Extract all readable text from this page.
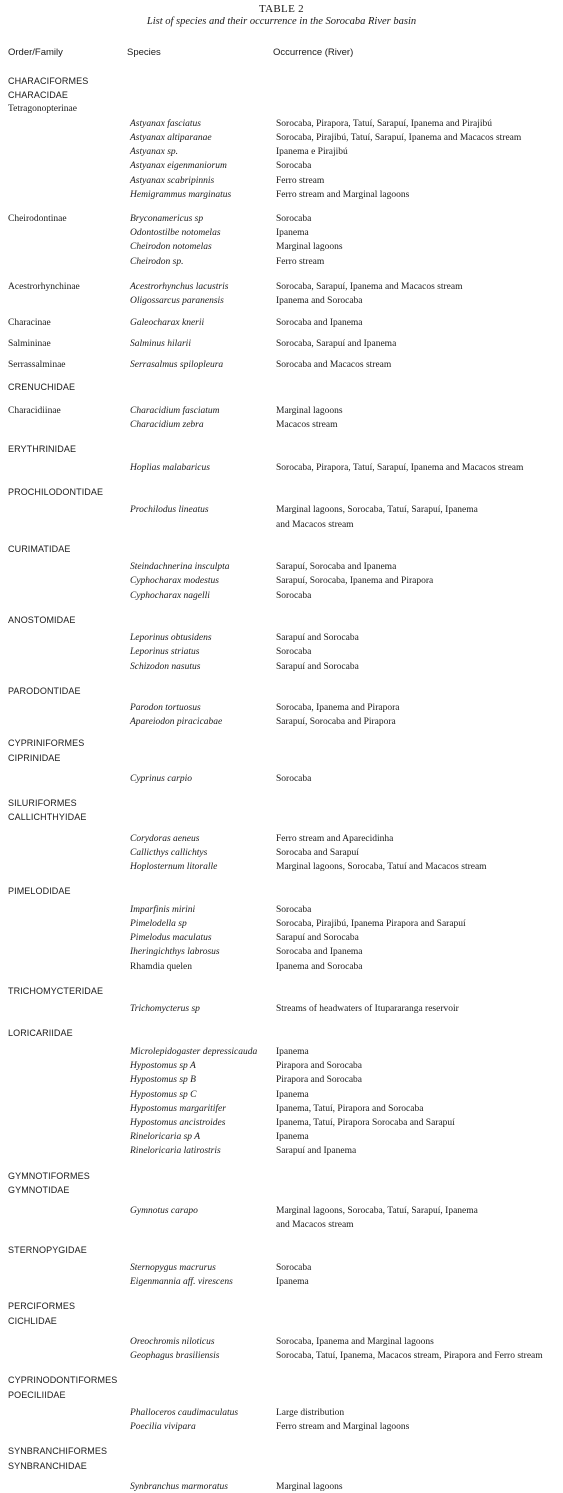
TABLE 2
List of species and their occurrence in the Sorocaba River basin
Order/Family	Species	Occurrence (River)
CHARACIFORMES
CHARACIDAE
Tetragonopterinae
Astyanax fasciatus	Sorocaba, Pirapora, Tatuí, Sarapuí, Ipanema and Pirajibú
Astyanax altiparanae	Sorocaba, Pirajibú, Tatuí, Sarapuí, Ipanema and Macacos stream
Astyanax sp.	Ipanema e Pirajibú
Astyanax eigenmaniorum	Sorocaba
Astyanax scabripinnis	Ferro stream
Hemigrammus marginatus	Ferro stream and Marginal lagoons
Cheirodontinae	Bryconamericus sp	Sorocaba
Odontostilbe notomelas	Ipanema
Cheirodon notomelas	Marginal lagoons
Cheirodon sp.	Ferro stream
Acestrorhynchinae	Acestrorhynchus lacustris	Sorocaba, Sarapuí, Ipanema and Macacos stream
Oligossarcus paranensis	Ipanema and Sorocaba
Characinae	Galeocharax knerii	Sorocaba and Ipanema
Salmininae	Salminus hilarii	Sorocaba, Sarapuí and Ipanema
Serrassalminae	Serrasalmus spilopleura	Sorocaba and Macacos stream
CRENUCHIDAE
Characidiinae	Characidium fasciatum	Marginal lagoons
Characidium zebra	Macacos stream
ERYTHRINIDAE
Hoplias malabaricus	Sorocaba, Pirapora, Tatuí, Sarapuí, Ipanema and Macacos stream
PROCHILODONTIDAE
Prochilodus lineatus	Marginal lagoons, Sorocaba, Tatuí, Sarapuí, Ipanema
and Macacos stream
CURIMATIDAE
Steindachnerina insculpta	Sarapuí, Sorocaba and Ipanema
Cyphocharax modestus	Sarapuí, Sorocaba, Ipanema and Pirapora
Cyphocharax nagelli	Sorocaba
ANOSTOMIDAE
Leporinus obtusidens	Sarapuí and Sorocaba
Leporinus striatus	Sorocaba
Schizodon nasutus	Sarapuí and Sorocaba
PARODONTIDAE
Parodon tortuosus	Sorocaba, Ipanema and Pirapora
Apareiodon piracicabae	Sarapuí, Sorocaba and Pirapora
CYPRINIFORMES
CIPRINIDAE
Cyprinus carpio	Sorocaba
SILURIFORMES
CALLICHTHYIDAE
Corydoras aeneus	Ferro stream and Aparecidinha
Callicthys callichtys	Sorocaba and Sarapuí
Hoplosternum litoralle	Marginal lagoons, Sorocaba, Tatuí and Macacos stream
PIMELODIDAE
Imparfinis mirini	Sorocaba
Pimelodella sp	Sorocaba, Pirajibú, Ipanema Pirapora and Sarapuí
Pimelodus maculatus	Sarapuí and Sorocaba
Iheringichthys labrosus	Sorocaba and Ipanema
Rhamdia quelen	Ipanema and Sorocaba
TRICHOMYCTERIDAE
Trichomycterus sp	Streams of headwaters of Itupararanga reservoir
LORICARIIDAE
Microlepidogaster depressicauda Ipanema
Hypostomus sp A	Pirapora and Sorocaba
Hypostomus sp B	Pirapora and Sorocaba
Hypostomus sp C	Ipanema
Hypostomus margaritifer	Ipanema, Tatuí, Pirapora and Sorocaba
Hypostomus ancistroides	Ipanema, Tatuí, Pirapora Sorocaba and Sarapuí
Rineloricaria sp A	Ipanema
Rineloricaria latirostris	Sarapuí and Ipanema
GYMNOTIFORMES
GYMNOTIDAE
Gymnotus carapo	Marginal lagoons, Sorocaba, Tatuí, Sarapuí, Ipanema
and Macacos stream
STERNOPYGIDAE
Sternopygus macrurus	Sorocaba
Eigenmannia aff. virescens	Ipanema
PERCIFORMES
CICHLIDAE
Oreochromis niloticus	Sorocaba, Ipanema and Marginal lagoons
Geophagus brasiliensis	Sorocaba, Tatuí, Ipanema, Macacos stream, Pirapora and Ferro stream
CYPRINODONTIFORMES
POECILIIDAE
Phalloceros caudimaculatus	Large distribution
Poecilia vivipara	Ferro stream and Marginal lagoons
SYNBRANCHIFORMES
SYNBRANCHIDAE
Synbranchus marmoratus	Marginal lagoons
